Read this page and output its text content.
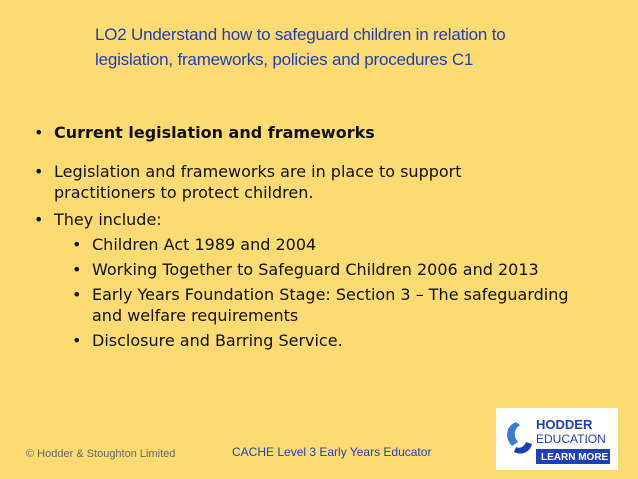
LO2 Understand how to safeguard children in relation to
legislation, frameworks, policies and procedures C1
• Current legislation and frameworks
• Legislation and frameworks are in place to support
practitioners to protect children.
• They include:
• Children Act 1989 and 2004
• Working Together to Safeguard Children 2006 and 2013
• Early Years Foundation Stage: Section 3 – The safeguarding
and welfare requirements
• Disclosure and Barring Service.
© Hodder & Stoughton Limited	CACHE Level 3 Early Years Educator
HODDER
EDUCATION
LEARN MORE
